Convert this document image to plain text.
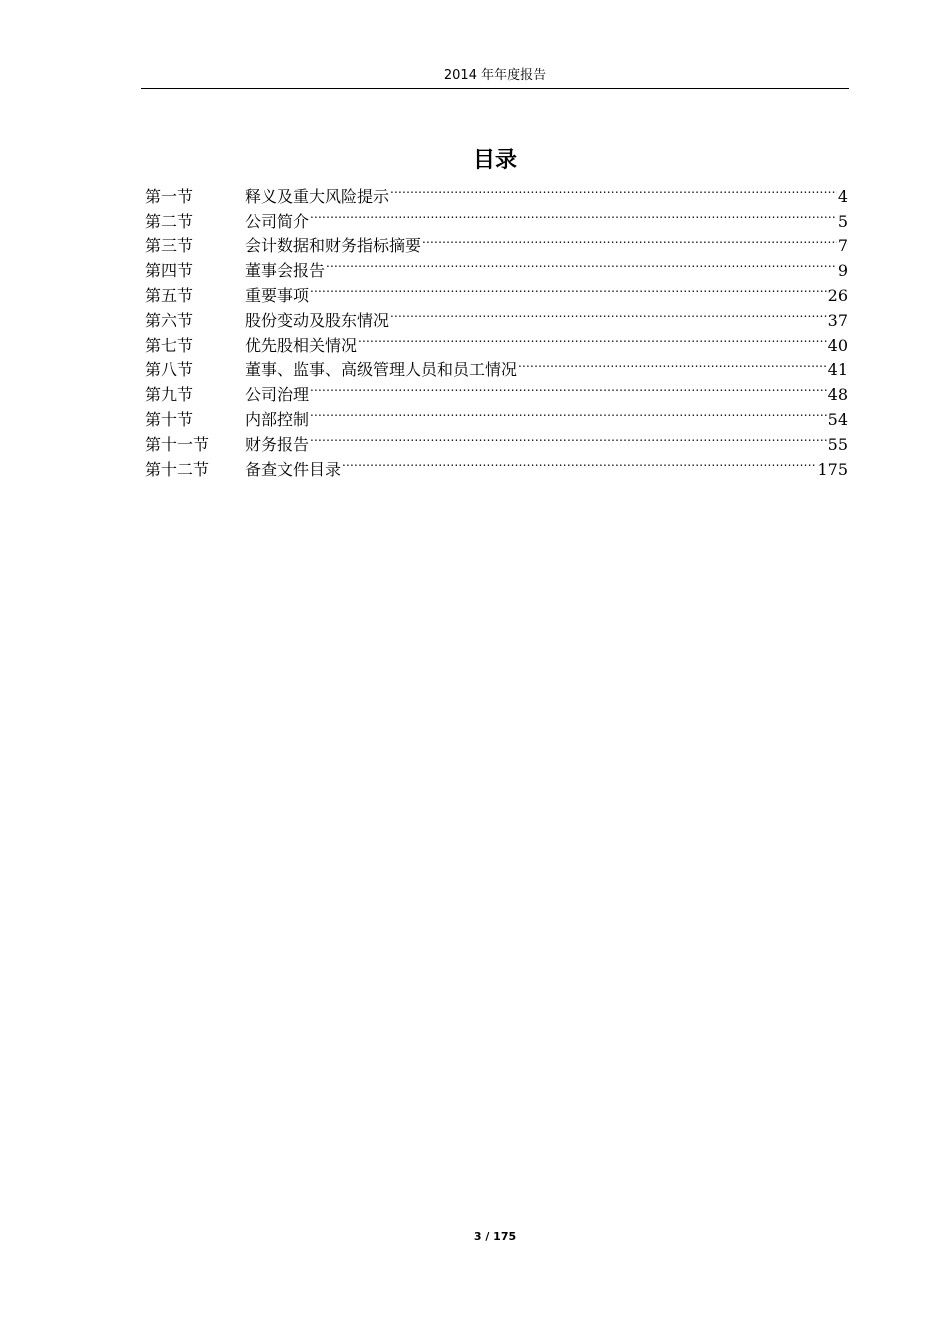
2014 年年度报告
目录
第一节	释义及重大风险提示 .....	4
第二节	公司简介 .....	5
第三节	会计数据和财务指标摘要 .....	7
第四节	董事会报告 .....	9
第五节	重要事项 .....	26
第六节	股份变动及股东情况 .....	37
第七节	优先股相关情况 .....	40
第八节	董事、监事、高级管理人员和员工情况 .....	41
第九节	公司治理 .....	48
第十节	内部控制 .....	54
第十一节	财务报告 .....	55
第十二节	备查文件目录 .....	175
3 / 175
